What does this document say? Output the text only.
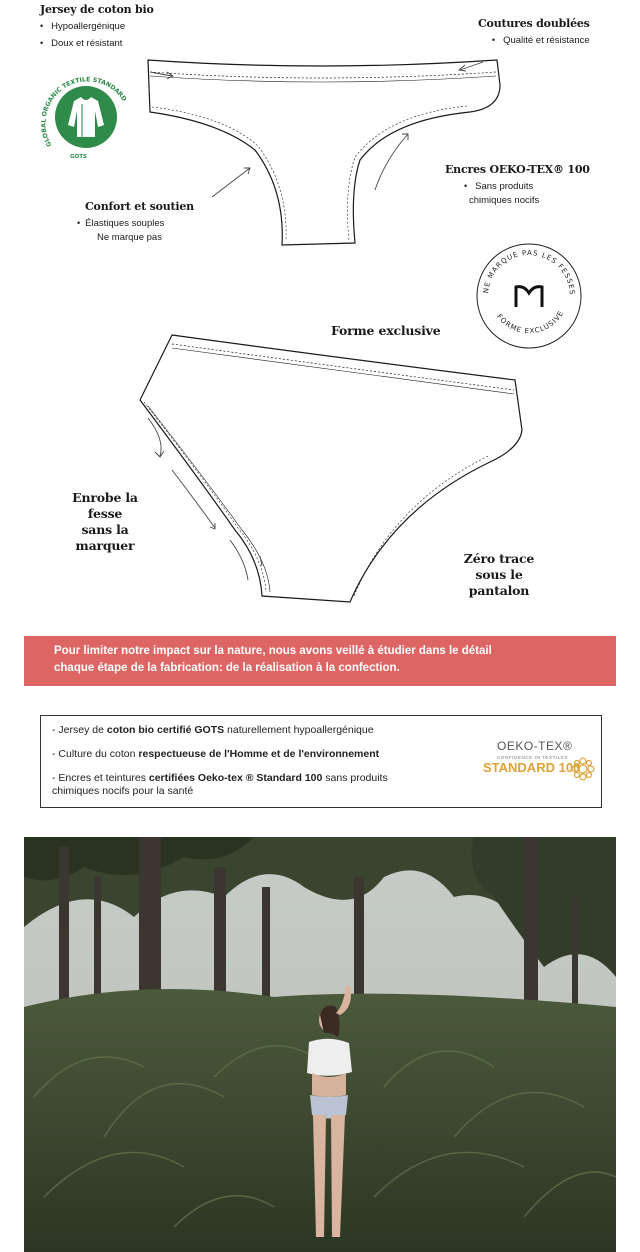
GLOBAL ORGANIC TEXTILE STANDARD
GOTS
Jersey de coton bio
• Hypoallergénique
• Doux et résistant
Coutures doublées
• Qualité et résistance
Encres OEKO-TEX® 100
• Sans produits
chimiques nocifs
Confort et soutien
• Élastiques souples
Ne marque pas
NE MARQUE PAS LES FESSES
FORME EXCLUSIVE
Forme exclusive
Enrobe la fesse
sans la marquer
Zéro trace
sous le pantalon
Pour limiter notre impact sur la nature, nous avons veillé à étudier dans le détail
chaque étape de la fabrication: de la réalisation à la confection.
- Jersey de coton bio certifié GOTS naturellement hypoallergénique
- Culture du coton respectueuse de l'Homme et de l'environnement
- Encres et teintures certifiées Oeko-tex ® Standard 100 sans produits
chimiques nocifs pour la santé
OEKO-TEX®
CONFIDENCE IN TEXTILES
STANDARD 100
